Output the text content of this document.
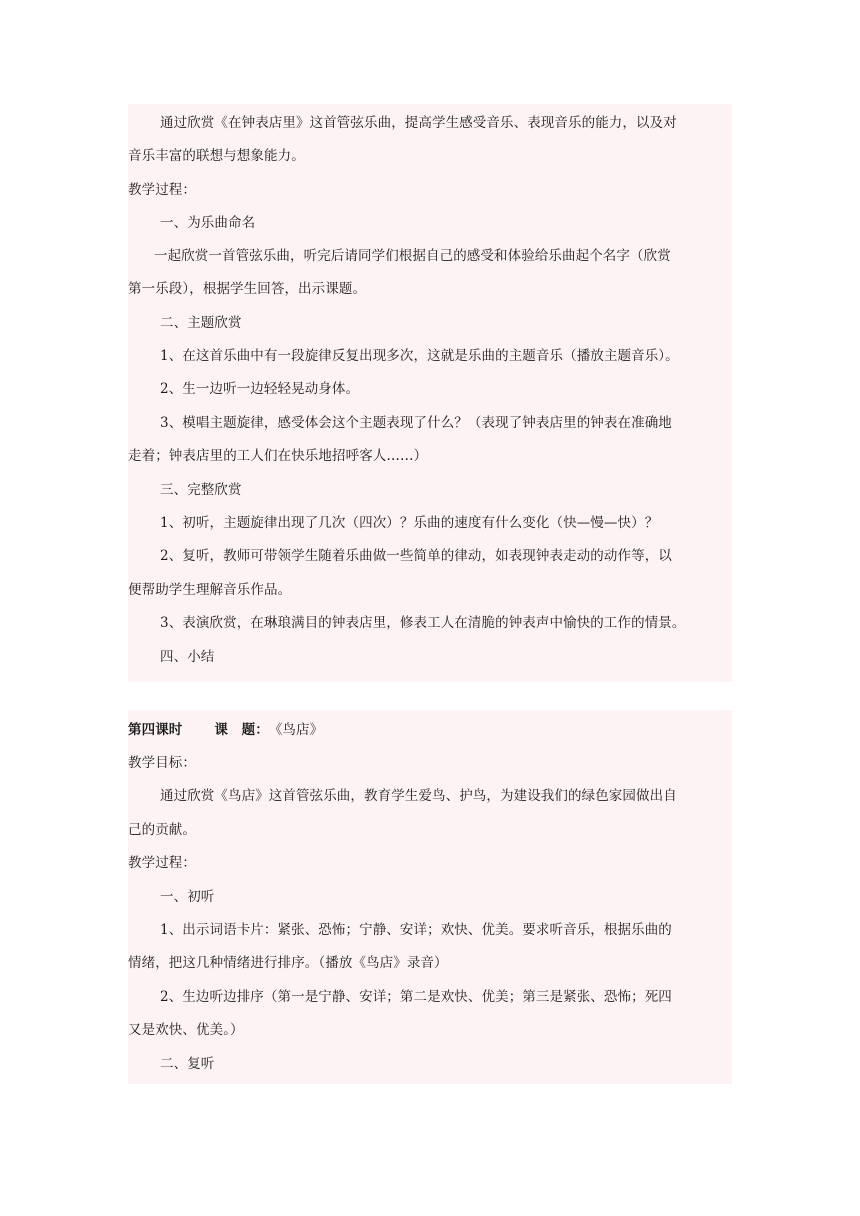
通过欣赏《在钟表店里》这首管弦乐曲，提高学生感受音乐、表现音乐的能力，以及对
音乐丰富的联想与想象能力。
教学过程：
一、为乐曲命名
一起欣赏一首管弦乐曲，听完后请同学们根据自己的感受和体验给乐曲起个名字（欣赏
第一乐段），根据学生回答，出示课题。
二、主题欣赏
1、在这首乐曲中有一段旋律反复出现多次，这就是乐曲的主题音乐（播放主题音乐）。
2、生一边听一边轻轻晃动身体。
3、模唱主题旋律，感受体会这个主题表现了什么？（表现了钟表店里的钟表在准确地
走着；钟表店里的工人们在快乐地招呼客人……）
三、完整欣赏
1、初听，主题旋律出现了几次（四次）？乐曲的速度有什么变化（快—慢—快）？
2、复听，教师可带领学生随着乐曲做一些简单的律动，如表现钟表走动的动作等，以
便帮助学生理解音乐作品。
3、表演欣赏，在琳琅满目的钟表店里，修表工人在清脆的钟表声中愉快的工作的情景。
四、小结
第四课时 课　题：《鸟店》
教学目标：
通过欣赏《鸟店》这首管弦乐曲，教育学生爱鸟、护鸟，为建设我们的绿色家园做出自
己的贡献。
教学过程：
一、初听
1、出示词语卡片：紧张、恐怖；宁静、安详；欢快、优美。要求听音乐，根据乐曲的
情绪，把这几种情绪进行排序。（播放《鸟店》录音）
2、生边听边排序（第一是宁静、安详；第二是欢快、优美；第三是紧张、恐怖；死四
又是欢快、优美。）
二、复听
